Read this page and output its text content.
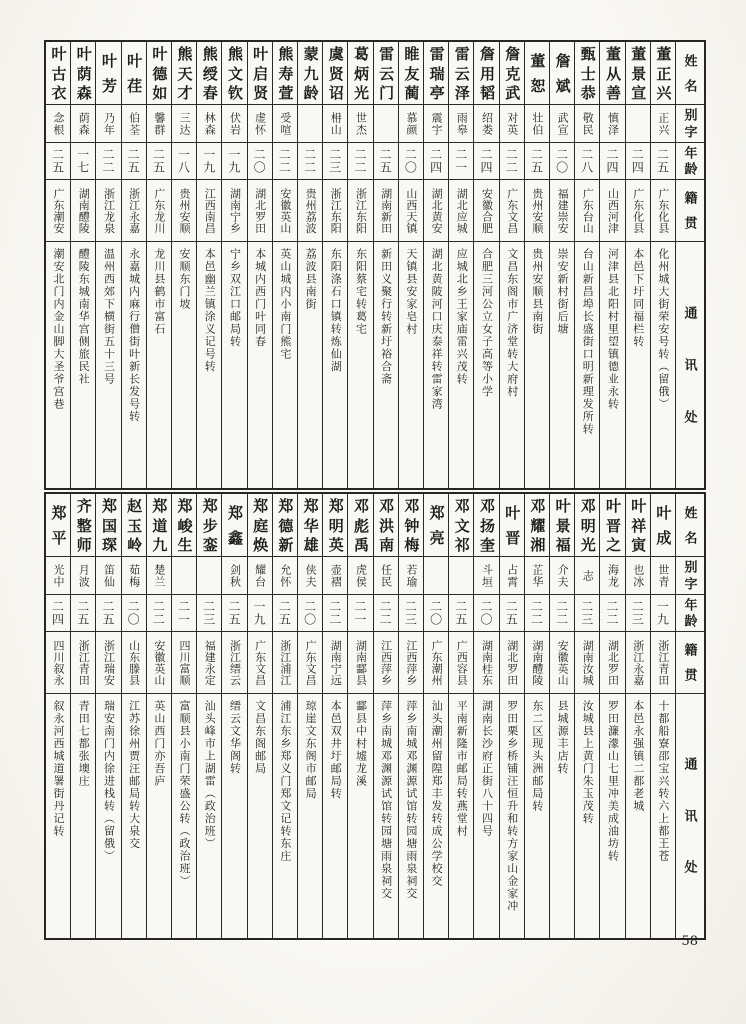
姓
名
别
字
年
龄
籍
贯
通
讯
处
董
正
兴
正兴
二五
广东化县
化州城大街荣安号转（留俄）
董
景
宣
二四
广东化县
本邑下圩同福栏转
董
从
善
慎泽
二四
山西河津
河津县北阳村里望镇德业永转
甄
士
恭
敬民
二八
广东台山
台山新昌埠长盛街口明新理发所转
詹
斌
武宣
二〇
福建崇安
崇安新村街后塘
董
恕
壮伯
二五
贵州安顺
贵州安顺县南街
詹
克
武
对英
二二
广东文昌
文昌东阁市广济堂转大府村
詹
用
韬
绍娄
二四
安徽合肥
合肥三河公立女子高等小学
雷
云
泽
雨皋
二一
湖北应城
应城北乡王家庙雷兴茂转
雷
瑞
亭
震宇
二四
湖北黄安
湖北黄陂河口庆泰祥转雷家湾
睢
友
蔺
慕颜
二〇
山西天镇
天镇县安家皂村
雷
云
门
二五
湖南新田
新田义聚行转新圩裕合斋
葛
炳
光
世杰
二二
浙江东阳
东阳蔡宅转葛宅
虞
贤
诏
枏山
二三
浙江东阳
东阳涤石口镇转炼仙湖
蒙
九
龄
二二
贵州荔波
荔波县南街
熊
寿
萱
受喧
二二
安徽英山
英山城内小南门熊宅
叶
启
贤
虚怀
二〇
湖北罗田
本城内西门叶同春
熊
文
钦
伏岩
一九
湖南宁乡
宁乡双江口邮局转
熊
绶
春
林森
一九
江西南昌
本邑幽兰镇涂义记号转
熊
天
才
三达
一八
贵州安顺
安顺东门坡
叶
德
如
馨群
二五
广东龙川
龙川县鹤市富石
叶
荏
伯荃
二五
浙江永嘉
永嘉城内麻行僧街叶新长发号转
叶
芳
乃年
二二
浙江龙泉
温州西郊下横街五十三号
叶
荫
森
荫森
一七
湖南醴陵
醴陵东城南华宫侧旅民社
叶
古
衣
念根
二五
广东潮安
潮安北门内金山脚大圣爷宫巷
姓
名
别
字
年
龄
籍
贯
通
讯
处
叶
成
世青
一九
浙江青田
十都船寮邵宝兴转六上都王苍
叶
祥
寅
也冰
二三
浙江永嘉
本邑永强镇二都老城
叶
晋
之
海龙
二二
湖北罗田
罗田濂濛山七里冲美成油坊转
邓
明
光
志
二三
湖南汝城
汝城县上黄门朱玉茂转
叶
景
福
介夫
二二
安徽英山
县城源丰店转
邓
耀
湘
芷华
二二
湖南醴陵
东二区现头洲邮局转
叶
晋
占霄
二五
湖北罗田
罗田栗乡桥铺汪恒升和转方家山金家冲
邓
扬
奎
斗垣
二〇
湖南桂东
湖南长沙府正街八十四号
邓
文
祁
二五
广西容县
平南新隆市邮局转燕堂村
郑
亮
二〇
广东潮州
汕头潮州留隍郑丰发转成公学校交
邓
钟
梅
若瑜
二三
江西萍乡
萍乡南城邓渊源试馆转园塘雨泉祠交
邓
洪
南
任民
二二
江西萍乡
萍乡南城邓渊源试馆转园塘雨泉祠交
邓
彪
禹
虎侯
二一
湖南酃县
酃县中村墟龙溪
郑
明
英
壶褶
二二
湖南宁远
本邑双井圩邮局转
郑
华
雄
侠夫
二〇
广东文昌
琼崖文东阁市邮局
郑
德
新
允怀
二五
浙江浦江
浦江东乡郑义门郑文记转东庄
郑
庭
焕
耀台
一九
广东文昌
文昌东阁邮局
郑
鑫
剑秋
二五
浙江缙云
缙云文华阁转
郑
步
銮
二三
福建永定
汕头峰市上湖雷（政治班）
郑
峻
生
二一
四川富顺
富顺县小南门荣盛公转（政治班）
郑
道
九
楚兰
二二
安徽英山
英山西门亦吾庐
赵
玉
岭
茹梅
二〇
山东滕县
江苏徐州贾汪邮局转大泉交
郑
国
琛
笛仙
二五
浙江瑞安
瑞安南门内徐进栈转（留俄）
齐
整
师
月波
二五
浙江青田
青田七都张墺庄
郑
平
光中
二四
四川叙永
叙永河西城道署街丹记转
58
